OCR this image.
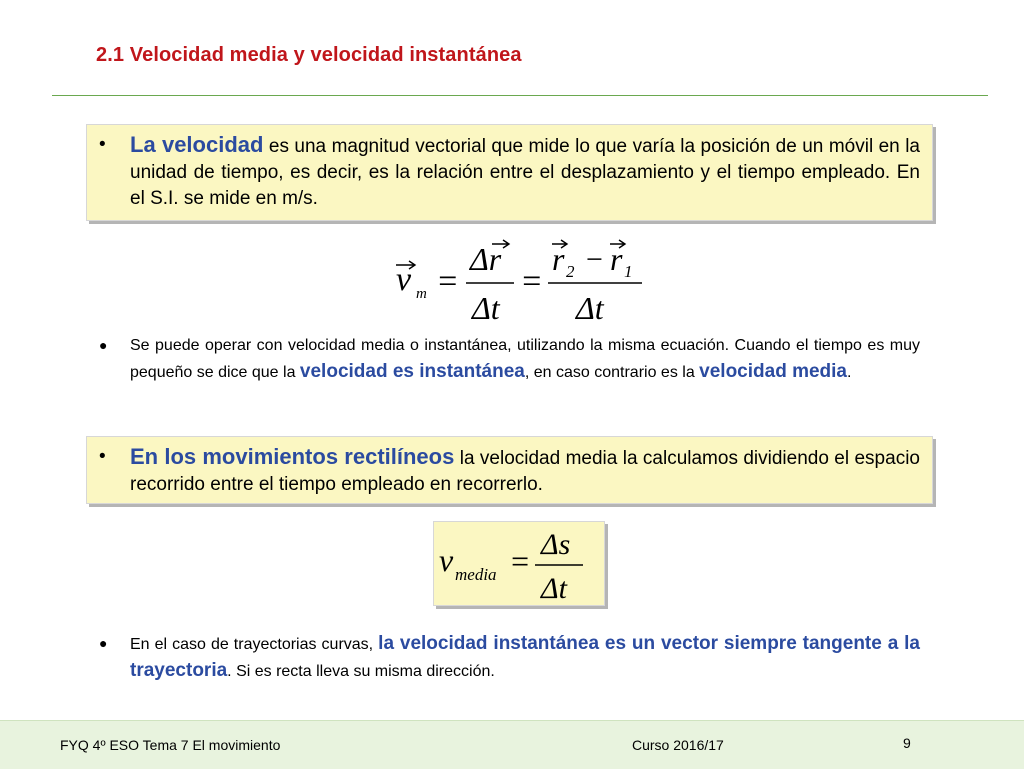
2.1 Velocidad media y velocidad instantánea
• La velocidad es una magnitud vectorial que mide lo que varía la posición de un móvil en la unidad de tiempo, es decir, es la relación entre el desplazamiento y el tiempo empleado. En el S.I. se mide en m/s.
v m =
Δr
Δt
=
r 2 − r 1
Δt
● Se puede operar con velocidad media o instantánea, utilizando la misma ecuación. Cuando el tiempo es muy pequeño se dice que la velocidad es instantánea, en caso contrario es la velocidad media.
• En los movimientos rectilíneos la velocidad media la calculamos dividiendo el espacio recorrido entre el tiempo empleado en recorrerlo.
v media = Δs
Δt
● En el caso de trayectorias curvas, la velocidad instantánea es un vector siempre tangente a la trayectoria. Si es recta lleva su misma dirección.
FYQ 4º ESO Tema 7 El movimiento	Curso 2016/17	9
